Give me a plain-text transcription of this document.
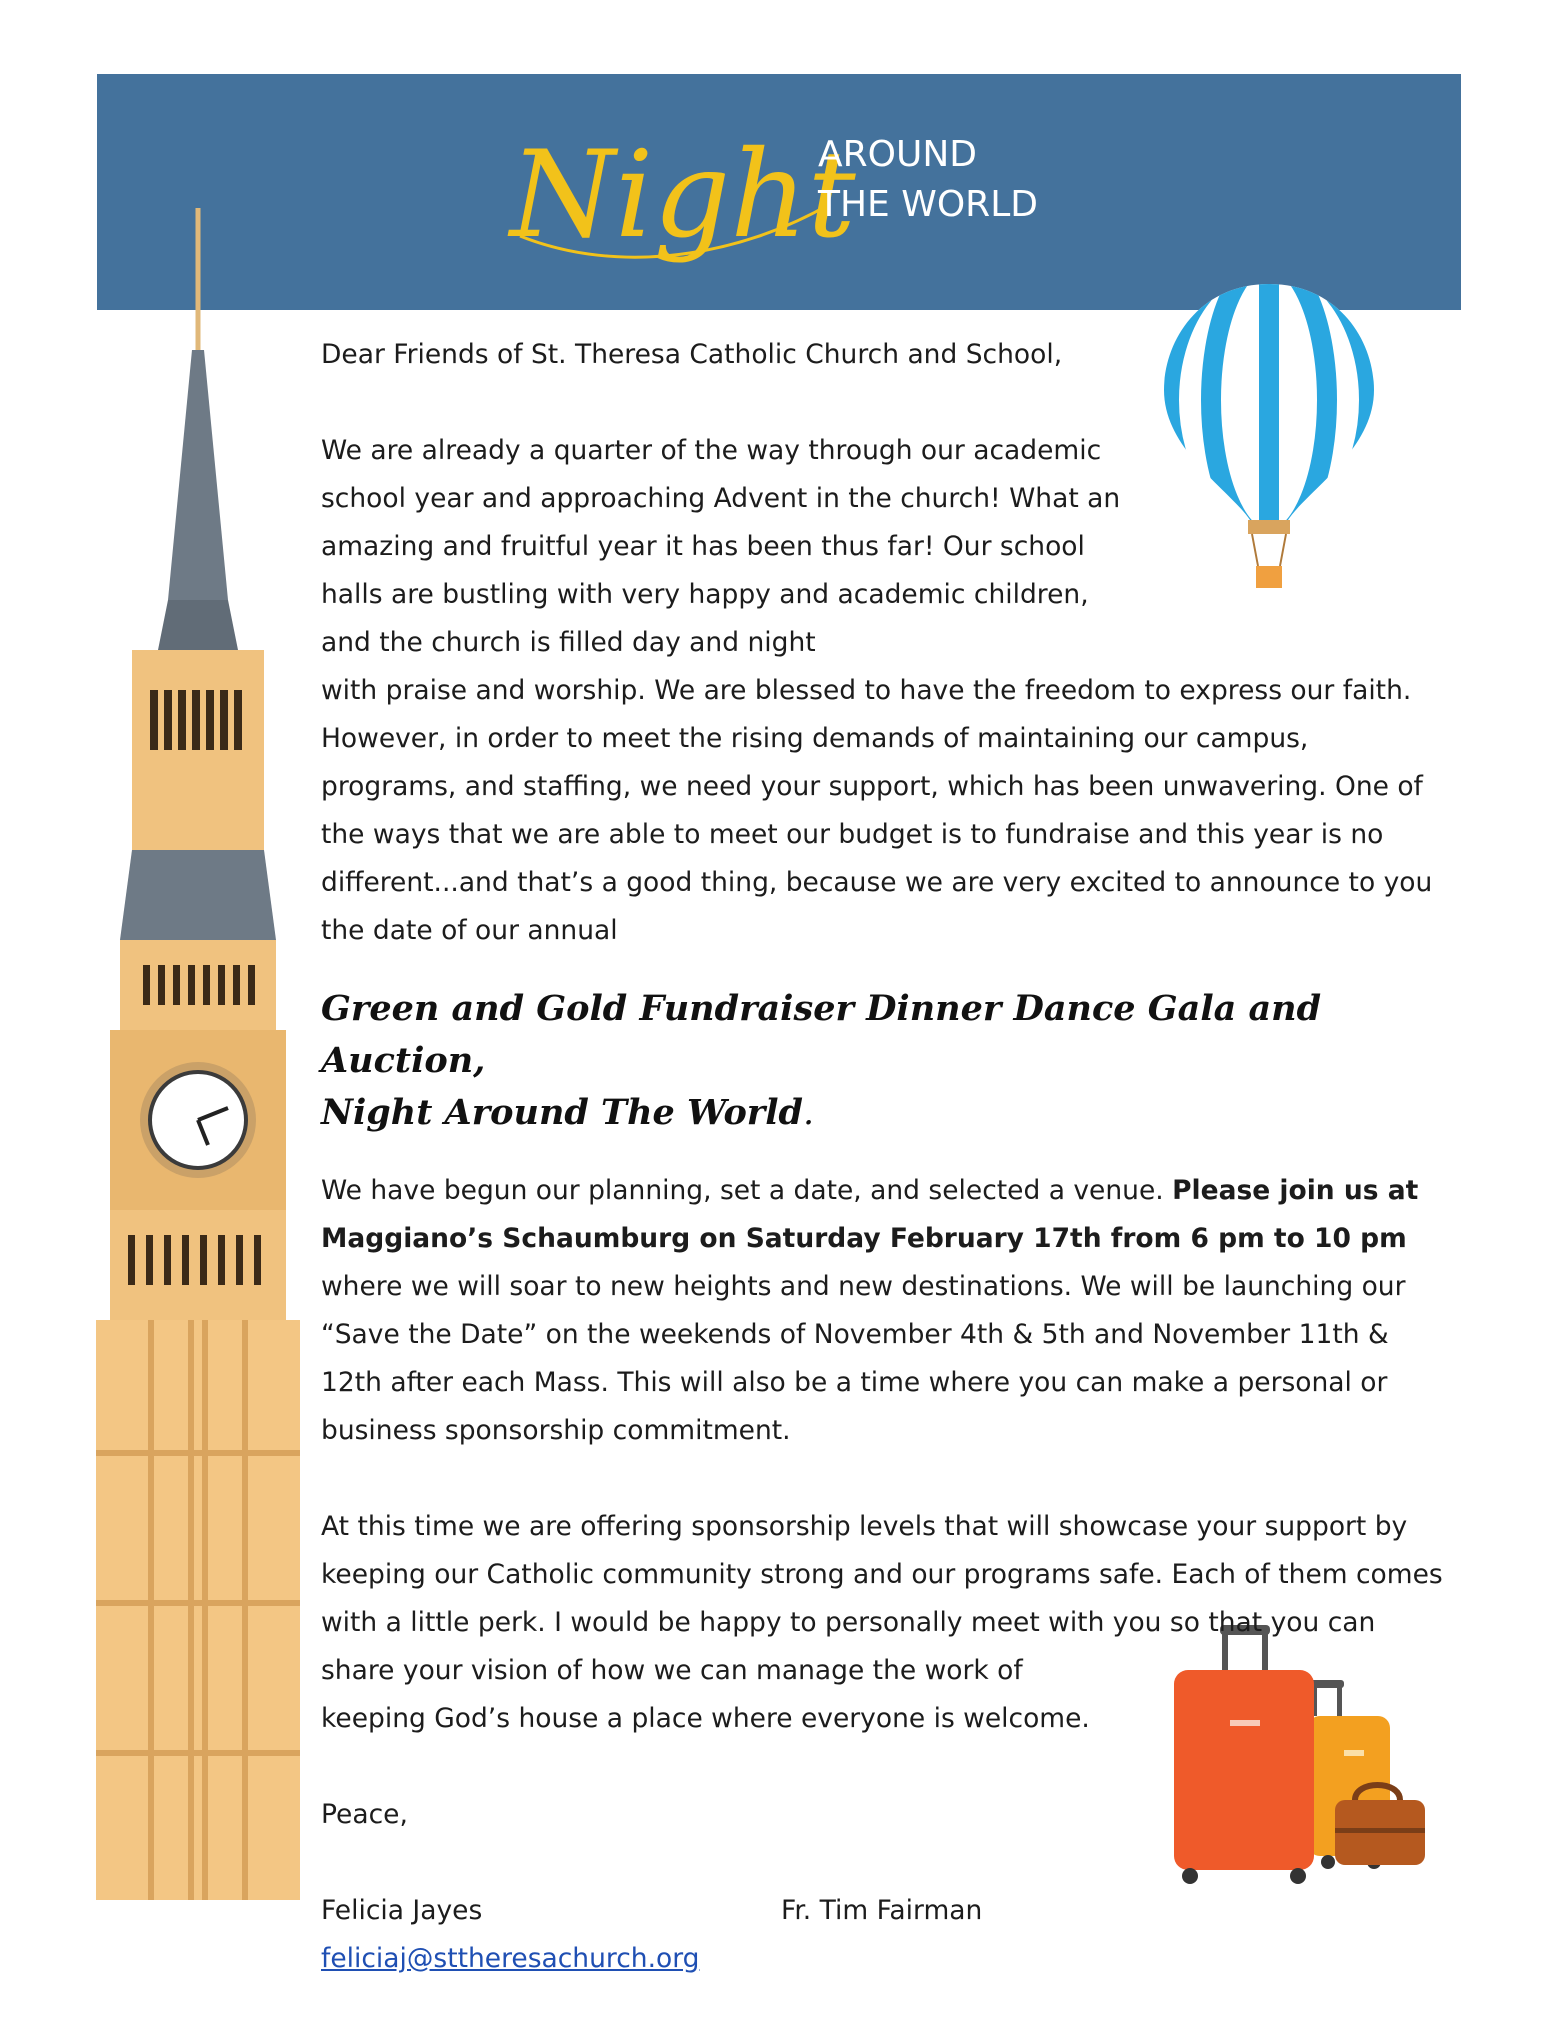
Night
AROUND
THE WORLD

Dear Friends of St. Theresa Catholic Church and School,

We are already a quarter of the way through our academic school year and approaching Advent in the church! What an amazing and fruitful year it has been thus far! Our school halls are bustling with very happy and academic children, and the church is filled day and night

with praise and worship. We are blessed to have the freedom to express our faith. However, in order to meet the rising demands of maintaining our campus, programs, and staffing, we need your support, which has been unwavering. One of the ways that we are able to meet our budget is to fundraise and this year is no different...and that’s a good thing, because we are very excited to announce to you the date of our annual

Green and Gold Fundraiser Dinner Dance Gala and Auction,
Night Around The World.

We have begun our planning, set a date, and selected a venue. Please join us at Maggiano’s Schaumburg on Saturday February 17th from 6 pm to 10 pm where we will soar to new heights and new destinations. We will be launching our “Save the Date” on the weekends of November 4th & 5th and November 11th & 12th after each Mass. This will also be a time where you can make a personal or

business sponsorship commitment.

At this time we are offering sponsorship levels that will showcase your support by keeping our Catholic community strong and our programs safe. Each of them comes with a little perk. I would be happy to personally meet with you so that you can

share your vision of how we can manage the work of keeping God’s house a place where everyone is welcome.

Peace,

Felicia Jayes	Fr. Tim Fairman

feliciaj@sttheresachurch.org
